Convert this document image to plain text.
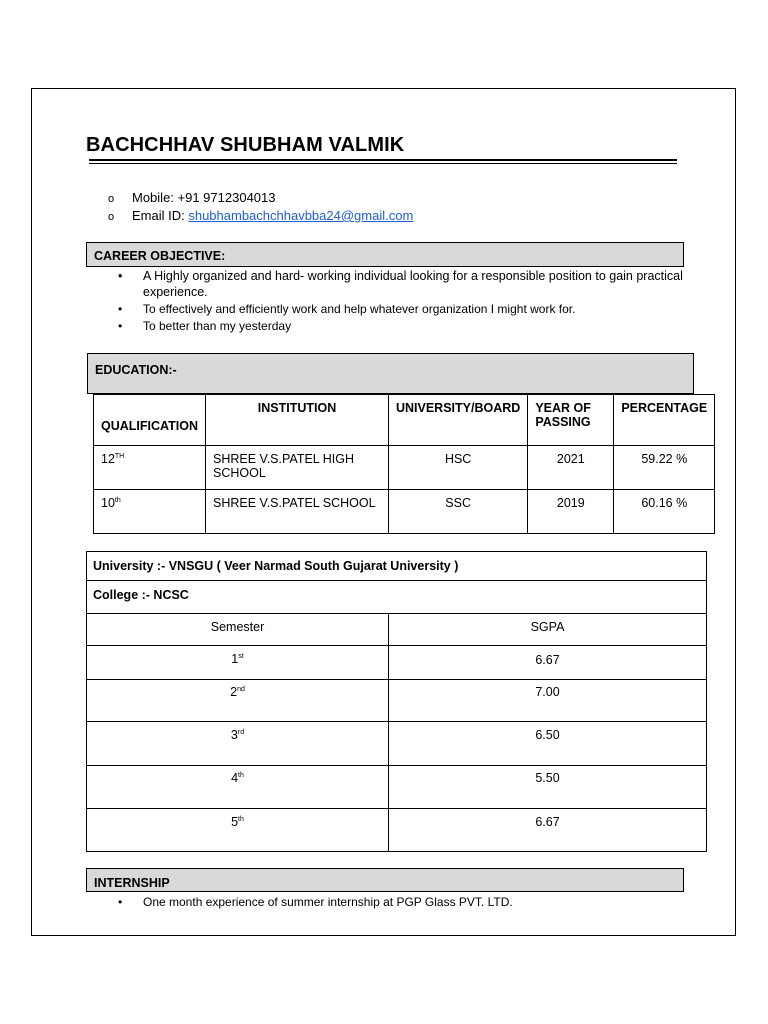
BACHCHHAV SHUBHAM VALMIK
o Mobile: +91 9712304013
o Email ID: shubhambachchhavbba24@gmail.com
CAREER OBJECTIVE:
• A Highly organized and hard- working individual looking for a responsible position to gain practical experience.
• To effectively and efficiently work and help whatever organization I might work for.
• To better than my yesterday
EDUCATION:-
QUALIFICATION	INSTITUTION	UNIVERSITY/BOARD	YEAR OF PASSING	PERCENTAGE
12TH	SHREE V.S.PATEL HIGH SCHOOL	HSC	2021	59.22 %
10th	SHREE V.S.PATEL SCHOOL	SSC	2019	60.16 %
University :- VNSGU ( Veer Narmad South Gujarat University )	
College :- NCSC	
Semester	SGPA
1st	6.67
2nd	7.00
3rd	6.50
4th	5.50
5th	6.67
INTERNSHIP
• One month experience of summer internship at PGP Glass PVT. LTD.
